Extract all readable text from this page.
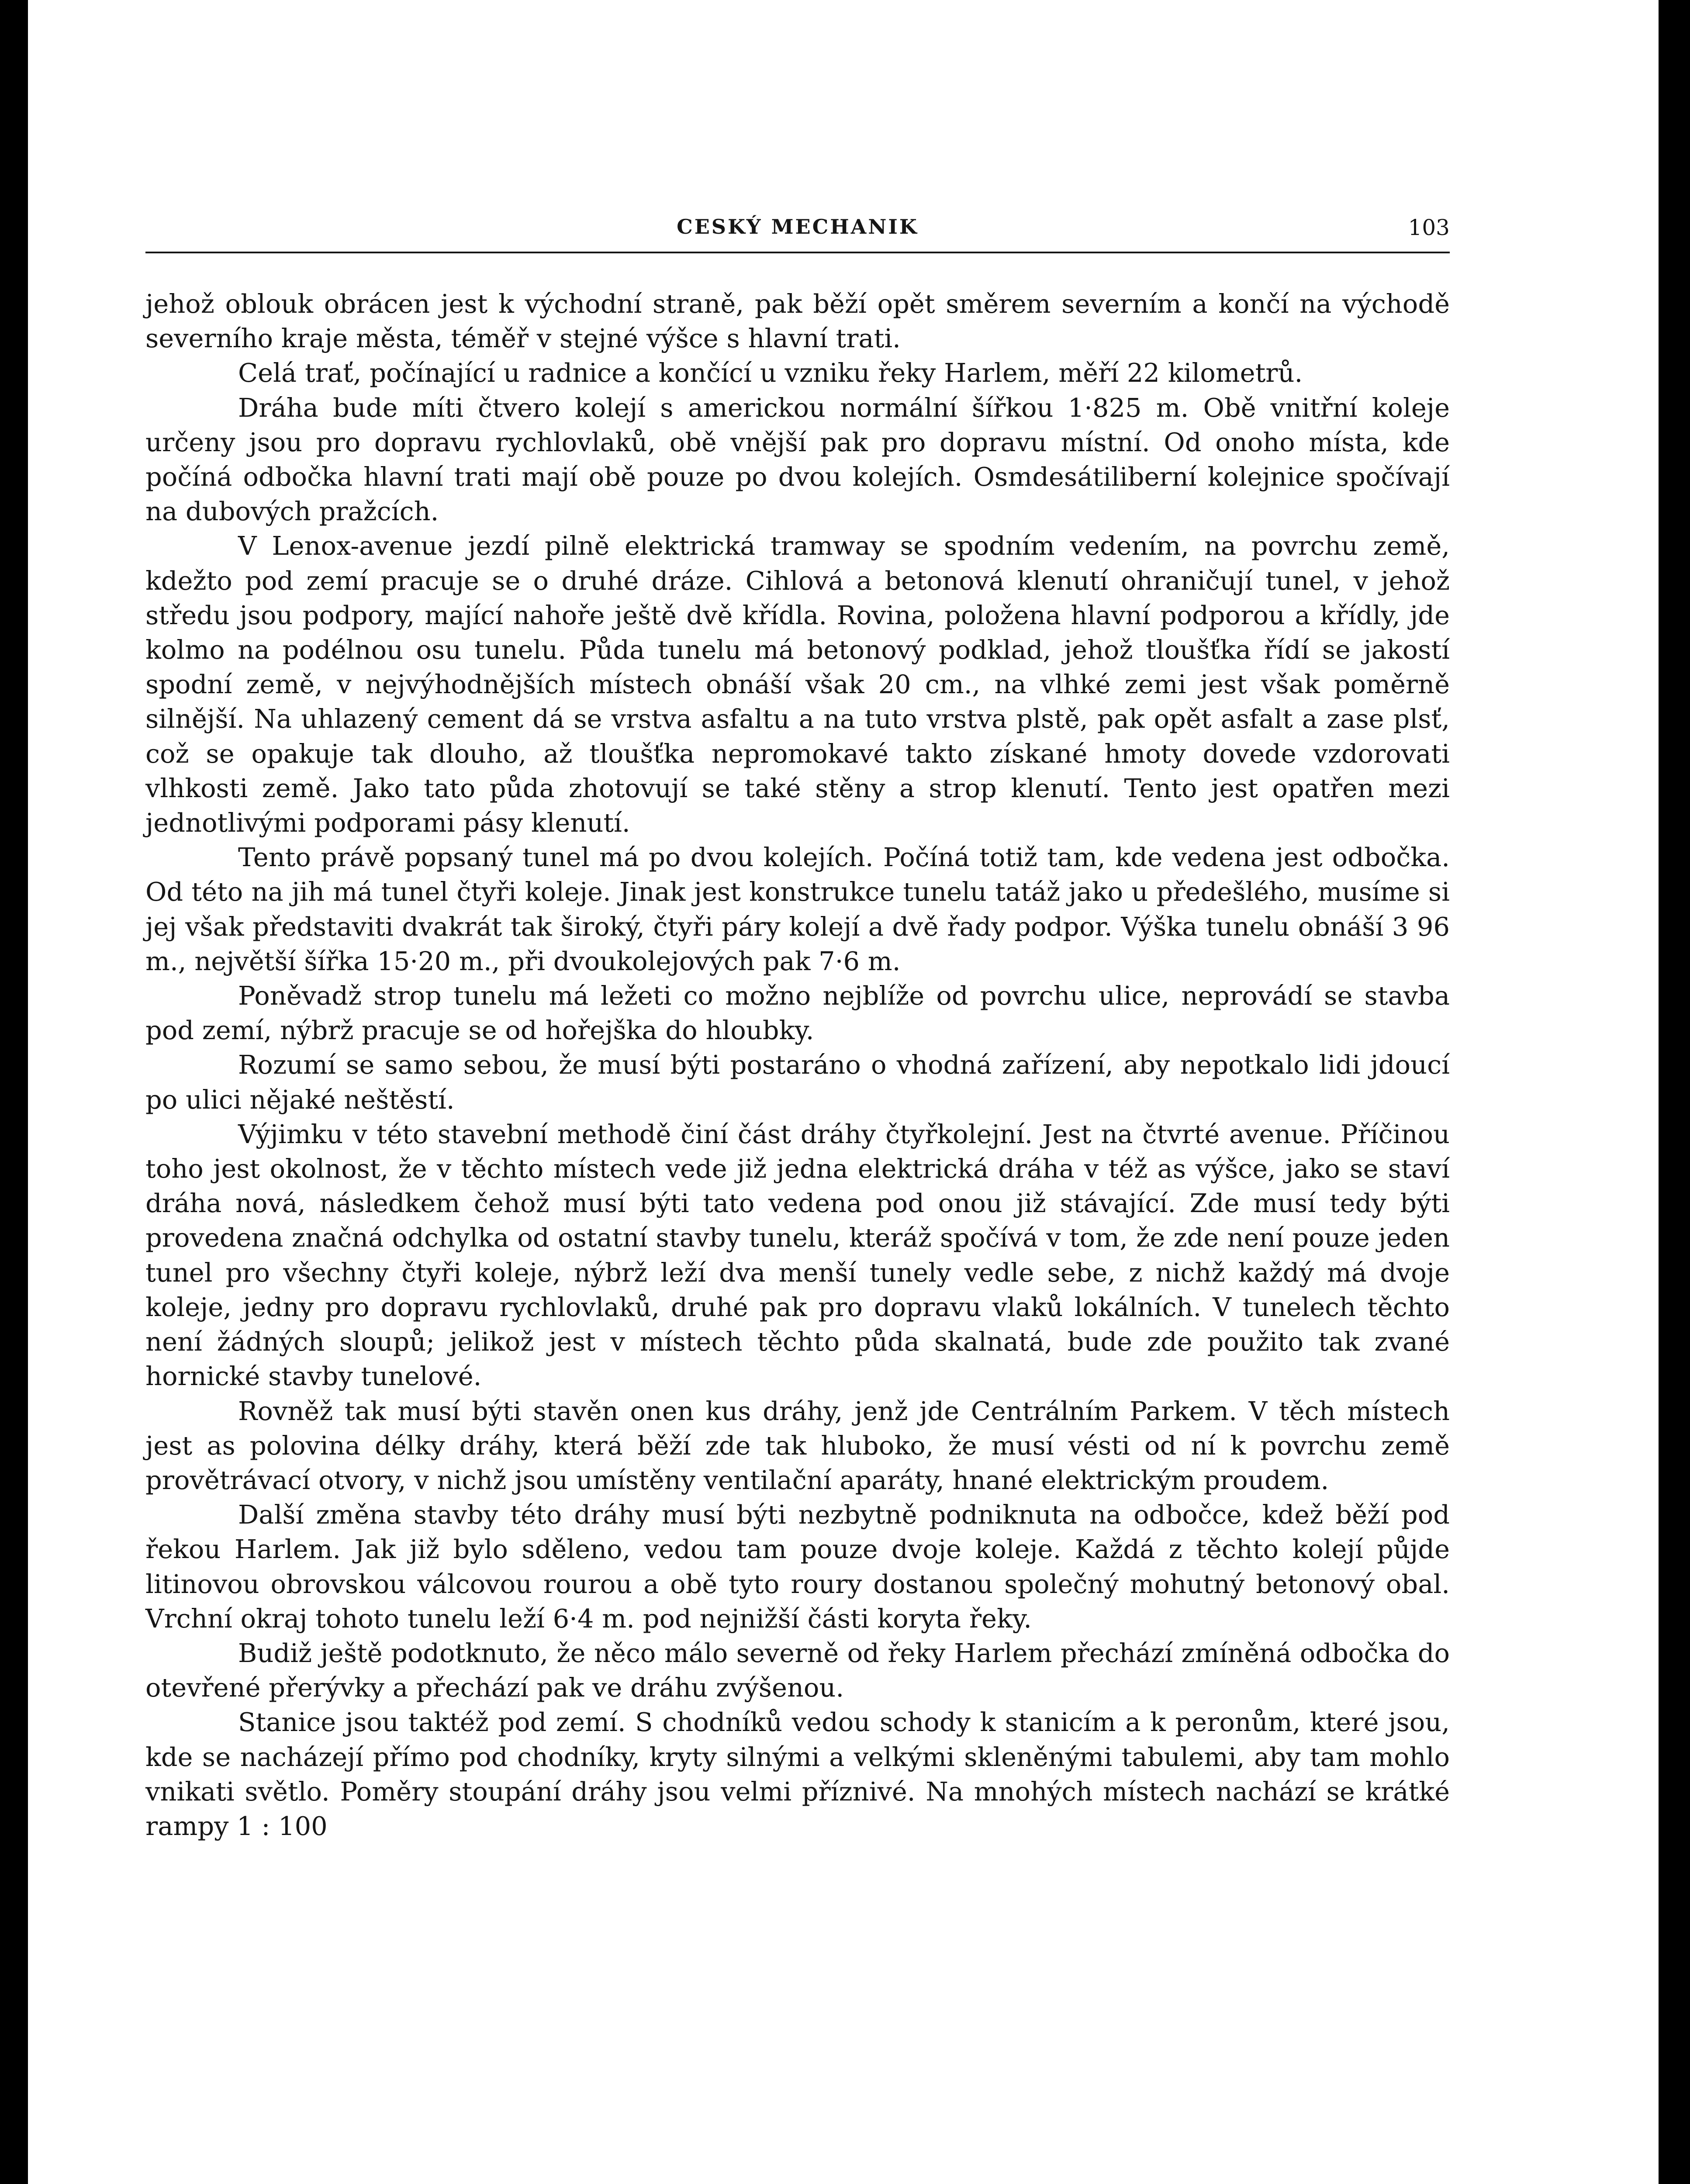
CESKÝ MECHANIK	103

jehož oblouk obrácen jest k východní straně, pak běží opět směrem severním a končí na východě severního kraje města, téměř v stejné výšce s hlavní trati.

Celá trať, počínající u radnice a končící u vzniku řeky Harlem, měří 22 kilometrů.

Dráha bude míti čtvero kolejí s americkou normální šířkou 1·825 m. Obě vnitřní koleje určeny jsou pro dopravu rychlovlaků, obě vnější pak pro dopravu místní. Od onoho místa, kde počíná odbočka hlavní trati mají obě pouze po dvou kolejích. Osmdesátiliberní kolejnice spočívají na dubových pražcích.

V Lenox-avenue jezdí pilně elektrická tramway se spodním vedením, na povrchu země, kdežto pod zemí pracuje se o druhé dráze. Cihlová a betonová klenutí ohraničují tunel, v jehož středu jsou podpory, mající nahoře ještě dvě křídla. Rovina, položena hlavní podporou a křídly, jde kolmo na podélnou osu tunelu. Půda tunelu má betonový podklad, jehož tloušťka řídí se jakostí spodní země, v nejvýhodnějších místech obnáší však 20 cm., na vlhké zemi jest však poměrně silnější. Na uhlazený cement dá se vrstva asfaltu a na tuto vrstva plstě, pak opět asfalt a zase plsť, což se opakuje tak dlouho, až tloušťka nepromokavé takto získané hmoty dovede vzdorovati vlhkosti země. Jako tato půda zhotovují se také stěny a strop klenutí. Tento jest opatřen mezi jednotlivými podporami pásy klenutí.

Tento právě popsaný tunel má po dvou kolejích. Počíná totiž tam, kde vedena jest odbočka. Od této na jih má tunel čtyři koleje. Jinak jest konstrukce tunelu tatáž jako u předešlého, musíme si jej však představiti dvakrát tak široký, čtyři páry kolejí a dvě řady podpor. Výška tunelu obnáší 3 96 m., největší šířka 15·20 m., při dvoukolejových pak 7·6 m.

Poněvadž strop tunelu má ležeti co možno nejblíže od povrchu ulice, neprovádí se stavba pod zemí, nýbrž pracuje se od hořejška do hloubky.

Rozumí se samo sebou, že musí býti postaráno o vhodná zařízení, aby nepotkalo lidi jdoucí po ulici nějaké neštěstí.

Výjimku v této stavební methodě činí část dráhy čtyřkolejní. Jest na čtvrté avenue. Příčinou toho jest okolnost, že v těchto místech vede již jedna elektrická dráha v též as výšce, jako se staví dráha nová, následkem čehož musí býti tato vedena pod onou již stávající. Zde musí tedy býti provedena značná odchylka od ostatní stavby tunelu, kteráž spočívá v tom, že zde není pouze jeden tunel pro všechny čtyři koleje, nýbrž leží dva menší tunely vedle sebe, z nichž každý má dvoje koleje, jedny pro dopravu rychlovlaků, druhé pak pro dopravu vlaků lokálních. V tunelech těchto není žádných sloupů; jelikož jest v místech těchto půda skalnatá, bude zde použito tak zvané hornické stavby tunelové.

Rovněž tak musí býti stavěn onen kus dráhy, jenž jde Centrálním Parkem. V těch místech jest as polovina délky dráhy, která běží zde tak hluboko, že musí vésti od ní k povrchu země provětrávací otvory, v nichž jsou umístěny ventilační aparáty, hnané elektrickým proudem.

Další změna stavby této dráhy musí býti nezbytně podniknuta na odbočce, kdež běží pod řekou Harlem. Jak již bylo sděleno, vedou tam pouze dvoje koleje. Každá z těchto kolejí půjde litinovou obrovskou válcovou rourou a obě tyto roury dostanou společný mohutný betonový obal. Vrchní okraj tohoto tunelu leží 6·4 m. pod nejnižší části koryta řeky.

Budiž ještě podotknuto, že něco málo severně od řeky Harlem přechází zmíněná odbočka do otevřené přerývky a přechází pak ve dráhu zvýšenou.

Stanice jsou taktéž pod zemí. S chodníků vedou schody k stanicím a k peronům, které jsou, kde se nacházejí přímo pod chodníky, kryty silnými a velkými skleněnými tabulemi, aby tam mohlo vnikati světlo. Poměry stoupání dráhy jsou velmi příznivé. Na mnohých místech nachází se krátké rampy 1 : 100
